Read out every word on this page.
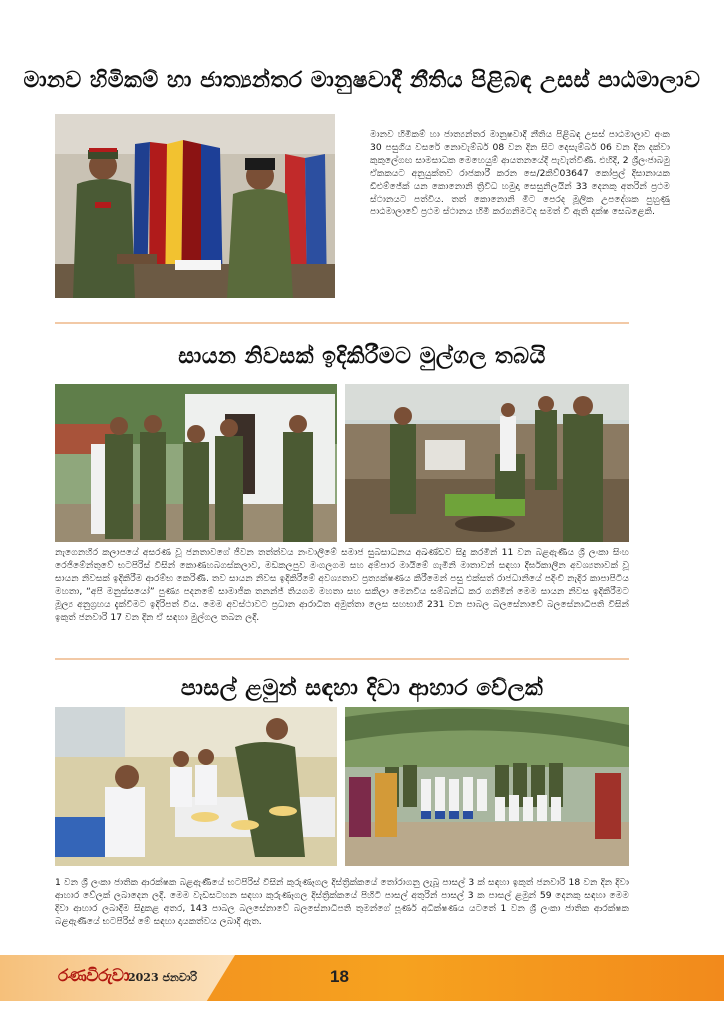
මානව හිමිකම් හා ජාත්‍යන්තර මානුෂවාදී නීතිය පිළිබඳ උසස් පාඨමාලාව

මානව හිමිකම් හා ජාත්‍යන්තර මානුෂවාදී නීතිය පිළිබඳ උසස් පාඨමාලාව අංක 30 පසුගිය වසරේ නොවැම්බර් 08 වන දින සිට දෙසැම්බර් 06 වන දින දක්වා කුකුලේගඟ සාමසාධක මෙහෙයුම් ආයතනයේදී පැවැත්විණි. එහිදී, 2 ශ්‍රීලංජාබමු ඒකකයට අනුයුක්තව රාජකාරී කරන සෙ/2කිව්03647 කෝප්‍රල් දිසානායක ඩීඑම්ජේක් යන කොනොනි ත්‍රිවිධ හමුදා සෙසුනිලයින් 33 දෙනකු අතරින් ප්‍රථම ස්ථානයට පත්විය. තත් කොනොනි මීට පෙරද මූලික උපදේශක පුහුණු පාඨමාලාවේ ප්‍රථම ස්ථානය හිමි කරගනිමටද සමත් වී ඇති දක්ෂ සෙබළෙකි.

සායන නිවසක් ඉදිකිරීමට මුල්ගල තබයි

නැගෙනහිර කලාපයේ අසරණ වූ ජනතාවගේ ජීවන තත්ත්වය නංවාලීමේ සමාජ සුබසාධනය අඛණ්ඩව සිදු කරමින් 11 වන බළඇණිය ශ්‍රී ලංකා සිංහ රෙජිමේන්තුවේ භටපිරිස් විසින් කොණහබගස්කලාව, මඩකලපුව මංගලගම සහ අම්පාර මායිමේ ගැමිනි මාතාවන් සඳහා දීර්ඝකාලීන අවශ්‍යතාවක් වූ සායන නිවසක් ඉදිකිරීම ආරම්භ කෙරිණි. තව සායන නිවස ඉදිකිරීමේ අවශ්‍යතාව ප්‍රත්‍යක්ෂණය කිරීමෙන් පසු එක්සත් රාජධානියේ පදිංචි නැදිර කාපාපිටිය මහතා, “අපි මනුස්සයෝ” පුණ්‍ය පදනමේ සාමාජික තනන්ජ් තියගම මහතා සහ සකිලා මෙනවිය සම්බන්ධ කර ගනිමින් මෙම සායන නිවස ඉදිකිරීමට මූල්‍ය අනුග්‍රහය දැක්වීමට ඉදිරිපත් විය. මෙම අවස්ථාවට ප්‍රධාන ආරාධිත අමුත්තා ලෙස සහභාගී 231 වන පාබල බලසේනාවේ බලසේනාධිපති විසින් ඉකුත් ජනවාරි 17 වන දින ඒ සඳහා මුල්ගල තබන ලදී.

පාසල් ළමුන් සඳහා දිවා ආහාර වේලක්

1 වන ශ්‍රී ලංකා ජාතික ආරක්ෂක බළඇණියේ භටපිරිස් විසින් කුරුණෑගල දිස්ත්‍රික්කයේ තෝරාගනු ලැබූ පාසල් 3 ක් සඳහා ඉකුත් ජනවාරි 18 වන දින දිවා ආහාර වේලක් ලබාදෙන ලදී. මෙම වැඩසටහන සඳහා කුරුණෑගල දිස්ත්‍රික්කයේ පිහිටි පාසල් අතුරින් පාසල් 3 ක පාසල් ළමුන් 59 දෙනකු සඳහා මෙම දිවා ආහාර ලබාදීම සිදුකළ අතර, 143 පාබල බලසේනාවේ බලසේනාධිපති තුමන්ගේ පූර්ණ අධීක්ෂණය යටතේ 1 වන ශ්‍රී ලංකා ජාතික ආරක්ෂක බළඇණියේ භටපිරිස් මේ සඳහා දායකත්වය ලබාදී ඇත.

රණවිරුවා
2023 ජනවාරි	18
